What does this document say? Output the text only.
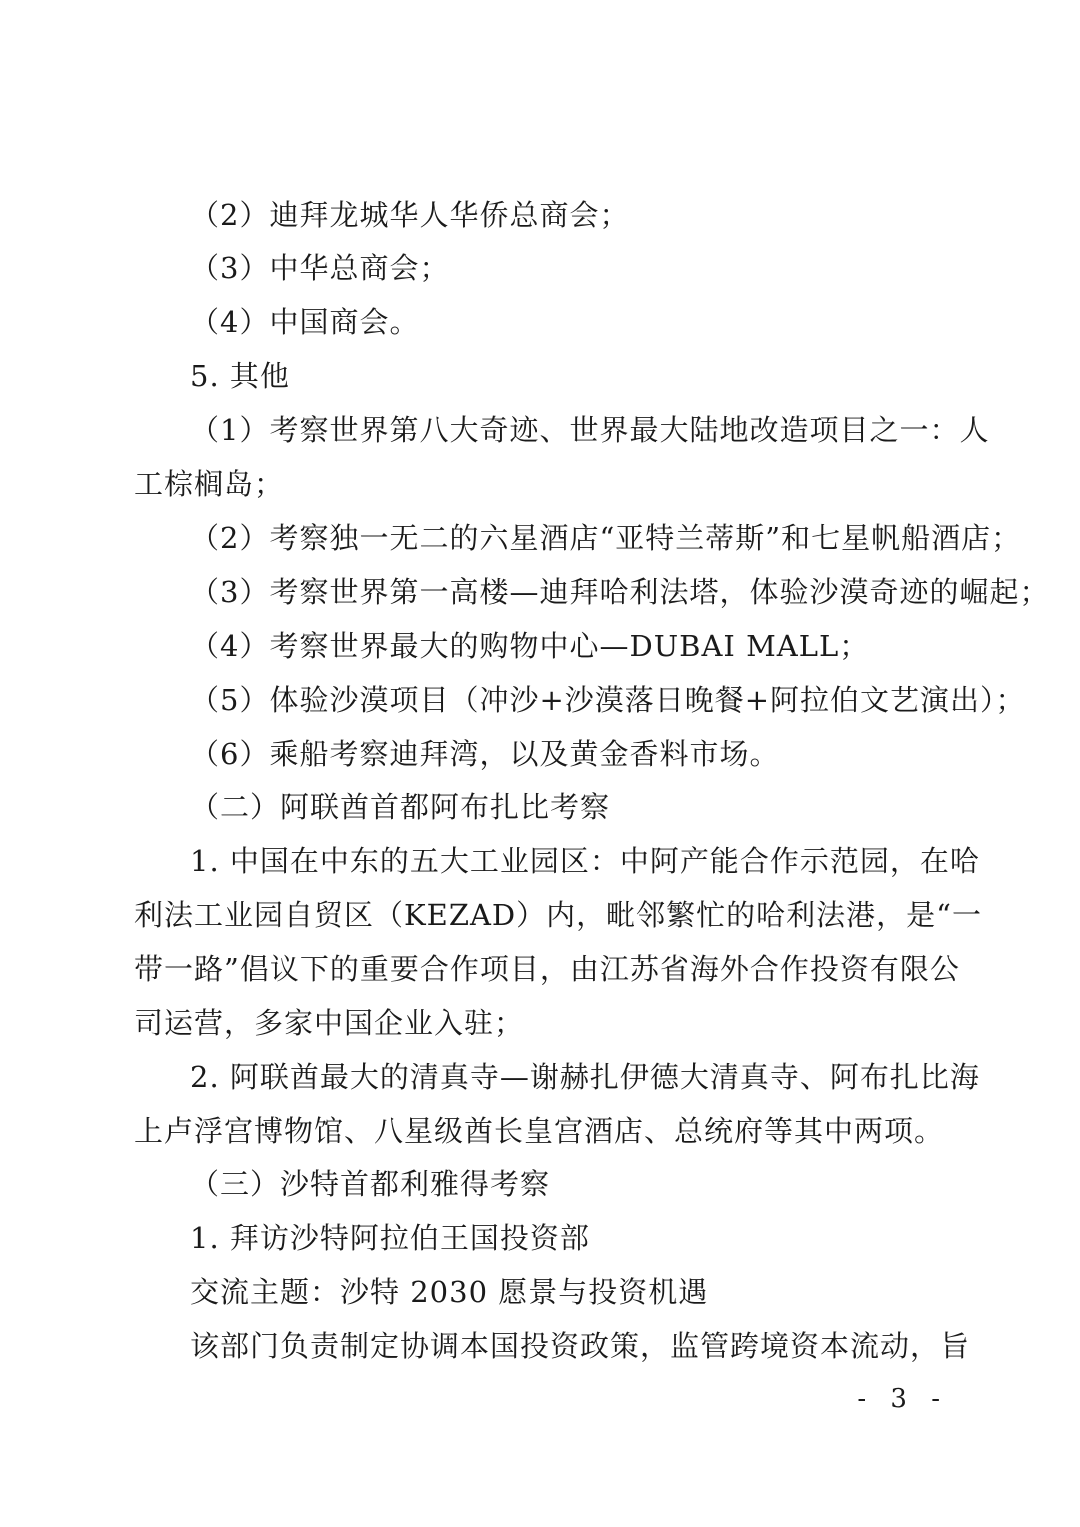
（2）迪拜龙城华人华侨总商会；
（3）中华总商会；
（4）中国商会。
5. 其他
（1）考察世界第八大奇迹、世界最大陆地改造项目之一：人
工棕榈岛；
（2）考察独一无二的六星酒店“亚特兰蒂斯”和七星帆船酒店；
（3）考察世界第一高楼—迪拜哈利法塔，体验沙漠奇迹的崛起；
（4）考察世界最大的购物中心—DUBAI MALL；
（5）体验沙漠项目（冲沙+沙漠落日晚餐+阿拉伯文艺演出）；
（6）乘船考察迪拜湾，以及黄金香料市场。
（二）阿联酋首都阿布扎比考察
1. 中国在中东的五大工业园区：中阿产能合作示范园，在哈
利法工业园自贸区（KEZAD）内，毗邻繁忙的哈利法港，是“一
带一路”倡议下的重要合作项目，由江苏省海外合作投资有限公
司运营，多家中国企业入驻；
2. 阿联酋最大的清真寺—谢赫扎伊德大清真寺、阿布扎比海
上卢浮宫博物馆、八星级酋长皇宫酒店、总统府等其中两项。
（三）沙特首都利雅得考察
1. 拜访沙特阿拉伯王国投资部
交流主题：沙特 2030 愿景与投资机遇
该部门负责制定协调本国投资政策，监管跨境资本流动，旨
- 3 -
